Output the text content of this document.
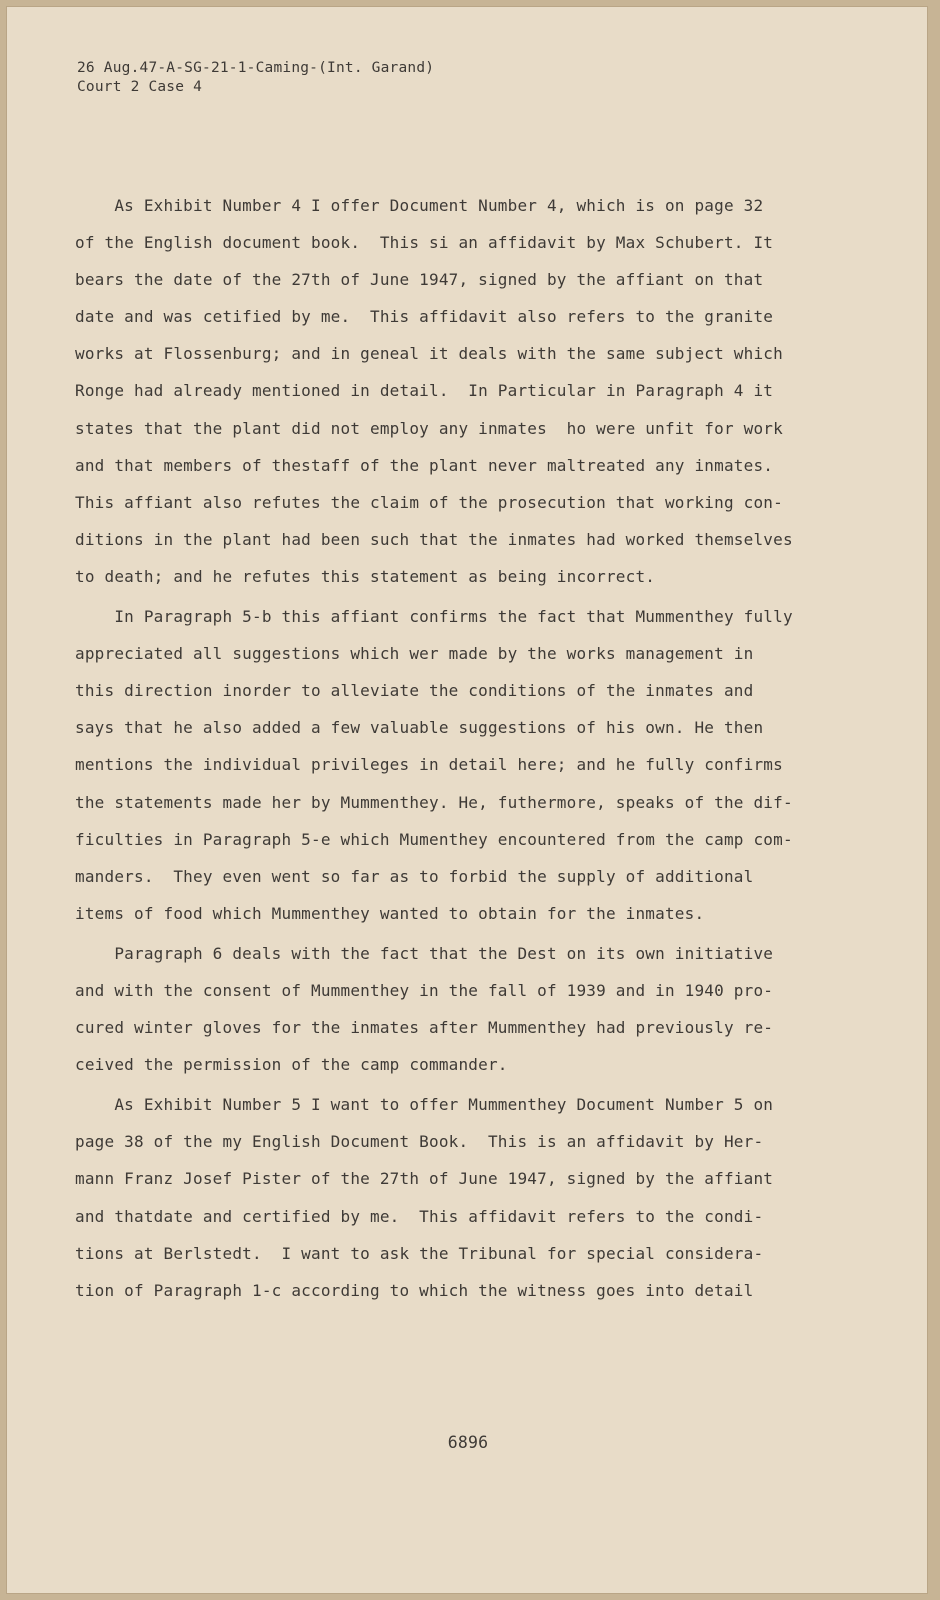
26 Aug.47-A-SG-21-1-Caming-(Int. Garand)
Court 2 Case 4
As Exhibit Number 4 I offer Document Number 4, which is on page 32
of the English document book.  This si an affidavit by Max Schubert. It
bears the date of the 27th of June 1947, signed by the affiant on that
date and was cetified by me.  This affidavit also refers to the granite
works at Flossenburg; and in geneal it deals with the same subject which
Ronge had already mentioned in detail.  In Particular in Paragraph 4 it
states that the plant did not employ any inmates  ho were unfit for work
and that members of thestaff of the plant never maltreated any inmates.
This affiant also refutes the claim of the prosecution that working con-
ditions in the plant had been such that the inmates had worked themselves
to death; and he refutes this statement as being incorrect.
In Paragraph 5-b this affiant confirms the fact that Mummenthey fully
appreciated all suggestions which wer made by the works management in
this direction inorder to alleviate the conditions of the inmates and
says that he also added a few valuable suggestions of his own. He then
mentions the individual privileges in detail here; and he fully confirms
the statements made her by Mummenthey. He, futhermore, speaks of the dif-
ficulties in Paragraph 5-e which Mumenthey encountered from the camp com-
manders.  They even went so far as to forbid the supply of additional
items of food which Mummenthey wanted to obtain for the inmates.
Paragraph 6 deals with the fact that the Dest on its own initiative
and with the consent of Mummenthey in the fall of 1939 and in 1940 pro-
cured winter gloves for the inmates after Mummenthey had previously re-
ceived the permission of the camp commander.
As Exhibit Number 5 I want to offer Mummenthey Document Number 5 on
page 38 of the my English Document Book.  This is an affidavit by Her-
mann Franz Josef Pister of the 27th of June 1947, signed by the affiant
and thatdate and certified by me.  This affidavit refers to the condi-
tions at Berlstedt.  I want to ask the Tribunal for special considera-
tion of Paragraph 1-c according to which the witness goes into detail
6896
